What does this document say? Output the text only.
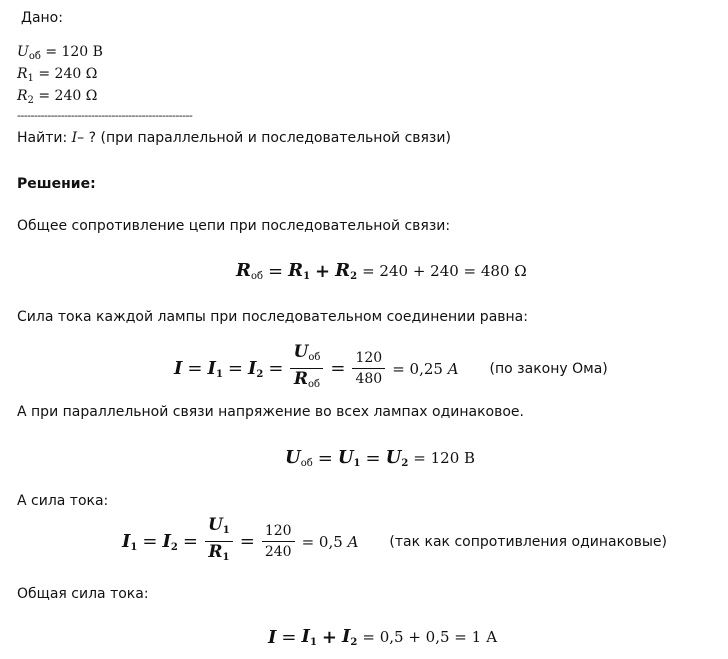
Дано:
$U_{об} = 120$ В
$R_1 = 240$ Ω
$R_2 = 240$ Ω
----------------------------------------------------
Найти: I– ? (при параллельной и последовательной связи)
Решение:
Общее сопротивление цепи при последовательной связи:
$R_{об} = R_1 + R_2 = 240 + 240 = 480$ Ω
Сила тока каждой лампы при последовательном соединении равна:
$I = I_1 = I_2 = \frac{U_{об}}{R_{об}} = \frac{120}{480} = 0,25$ A (по закону Ома)
А при параллельной связи напряжение во всех лампах одинаковое.
$U_{об} = U_1 = U_2 = 120$ В
А сила тока:
$I_1 = I_2 = \frac{U_1}{R_1} = \frac{120}{240} = 0,5$ A (так как сопротивления одинаковые)
Общая сила тока:
$I = I_1 + I_2 = 0,5 + 0,5 = 1$ А
